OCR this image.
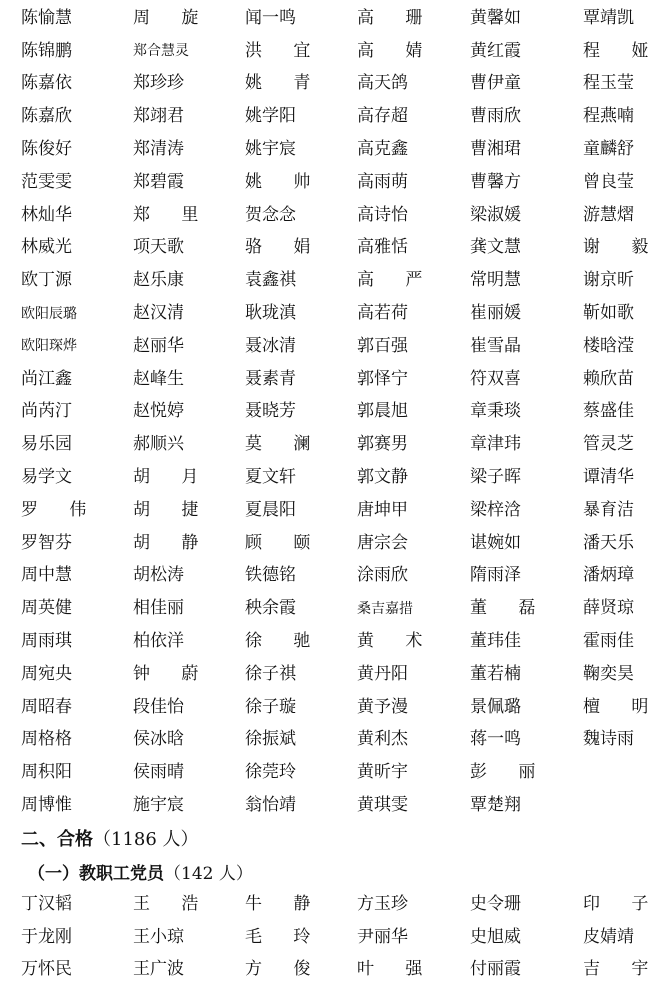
陈愉慧	周 旋	闻一鸣	高 珊	黄馨如	覃靖凯
陈锦鹏	郑合慧灵	洪 宜	高 婧	黄红霞	程 娅
陈嘉依	郑珍珍	姚 青	高天鸽	曹伊童	程玉莹
陈嘉欣	郑翊君	姚学阳	高存超	曹雨欣	程燕喃
陈俊好	郑清涛	姚宇宸	高克鑫	曹湘珺	童麟舒
范雯雯	郑碧霞	姚 帅	高雨萌	曹馨方	曾良莹
林灿华	郑 里	贺念念	高诗怡	梁淑媛	游慧熠
林威光	项天歌	骆 娟	高雅恬	龚文慧	谢 毅
欧丁源	赵乐康	袁鑫祺	高 严	常明慧	谢京昕
欧阳辰璐	赵汉清	耿珑滇	高若荷	崔丽媛	靳如歌
欧阳琛烨	赵丽华	聂冰清	郭百强	崔雪晶	楼晗滢
尚江鑫	赵峰生	聂素青	郭怿宁	符双喜	赖欣苗
尚芮汀	赵悦婷	聂晓芳	郭晨旭	章秉琰	蔡盛佳
易乐园	郝顺兴	莫 澜	郭赛男	章津玮	管灵芝
易学文	胡 月	夏文轩	郭文静	梁子晖	谭清华
罗 伟	胡 捷	夏晨阳	唐坤甲	梁梓浛	暴育洁
罗智芬	胡 静	顾 颐	唐宗会	谌婉如	潘天乐
周中慧	胡松涛	铁德铭	涂雨欣	隋雨泽	潘炳璋
周英健	相佳丽	秧余霞	桑吉嘉措	董 磊	薛贤琼
周雨琪	柏依洋	徐 驰	黄 术	董玮佳	霍雨佳
周宛央	钟 蔚	徐子祺	黄丹阳	董若楠	鞠奕昊
周昭春	段佳怡	徐子璇	黄予漫	景佩璐	檀 明
周格格	侯冰晗	徐振斌	黄利杰	蒋一鸣	魏诗雨
周积阳	侯雨晴	徐莞玲	黄昕宇	彭 丽
周博惟	施宇宸	翁怡靖	黄琪雯	覃楚翔
二、合格 （1186 人）
（一）教职工党员 （142 人）
丁汉韬	王 浩	牛 静	方玉珍	史令珊	印 子
于龙刚	王小琼	毛 玲	尹丽华	史旭威	皮婧靖
万怀民	王广波	方 俊	叶 强	付丽霞	吉 宇
